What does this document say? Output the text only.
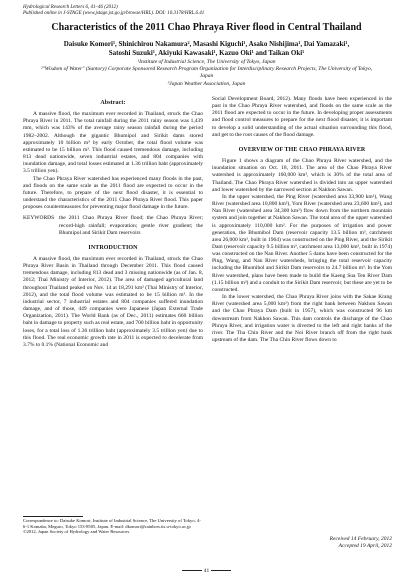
Hydrological Research Letters 6, 41–46 (2012)
Published online in J-STAGE (www.jstage.jst.go.jp/browse/HRL). DOI: 10.3178/HRL.6.41
Characteristics of the 2011 Chao Phraya River flood in Central Thailand
Daisuke Komori¹, Shinichirou Nakamura², Masashi Kiguchi¹, Asako Nishijima¹, Dai Yamazaki¹,
Satoshi Suzuki¹, Akiyuki Kawasaki¹, Kazuo Oki¹ and Taikan Oki¹
¹Institute of Industrial Science, The University of Tokyo, Japan
²"Wisdom of Water" (Suntory) Corporate Sponsored Research Program Organization for Interdisciplinary Research Projects, The University of Tokyo, Japan
³Japan Weather Association, Japan
Abstract:

A massive flood, the maximum ever recorded in Thailand, struck the Chao Phraya River in 2011. The total rainfall during the 2011 rainy season was 1,439 mm, which was 143% of the average rainy season rainfall during the period 1982–2002. Although the gigantic Bhumipol and Sirikit dams stored approximately 10 billion m³ by early October, the total flood volume was estimated to be 15 billion m³. This flood caused tremendous damage, including 813 dead nationwide, seven industrial estates, and 804 companies with inundation damage, and total losses estimated at 1.36 trillion baht (approximately 3.5 trillion yen).

The Chao Phraya River watershed has experienced many floods in the past, and floods on the same scale as the 2011 flood are expected to occur in the future. Therefore, to prepare of the next flood disaster, it is essential to understand the characteristics of the 2011 Chao Phraya River flood. This paper proposes countermeasures for preventing major flood damage in the future.

KEYWORDS the 2011 Chao Phraya River flood; the Chao Phraya River; record-high rainfall; evaporation; gentle river gradient; the Bhumipol and Sirikit Dam reservoirs
INTRODUCTION

A massive flood, the maximum ever recorded in Thailand, struck the Chao Phraya River Basin in Thailand through December 2011. This flood caused tremendous damage, including 813 dead and 3 missing nationwide (as of Jan. 8, 2012; Thai Ministry of Interior, 2012). The area of damaged agricultural land throughout Thailand peaked on Nov. 14 at 18,291 km² (Thai Ministry of Interior, 2012), and the total flood volume was estimated to be 15 billion m³. In the industrial sector, 7 industrial estates and 804 companies suffered inundation damage, and of those, 449 companies were Japanese (Japan External Trade Organization, 2011). The World Bank (as of Dec., 2011) estimates 660 billion baht in damage to property such as real estate, and 700 billion baht in opportunity loses, for a total loss of 1.36 trillion baht (approximately 3.5 trillion yen) due to this flood. The real economic growth rate in 2011 is expected to decelerate from 3.7% to 0.1% (National Economic and

Correspondence to: Daisuke Komori, Institute of Industrial Science, The University of Tokyo, 4-6-1 Komaba, Meguro, Tokyo 153-8505, Japan. E-mail: dkomori@rainbow.iis.u-tokyo.ac.jp ©2012, Japan Society of Hydrology and Water Resources.

Social Development Board, 2012). Many floods have been experienced in the past in the Chao Phraya River watershed, and floods on the same scale as the 2011 flood are expected to occur in the future. In developing proper assessments and flood control measures to prepare for the next flood disaster, it is important to develop a solid understanding of the actual situation surrounding this flood, and get to the root causes of the flood damage.

OVERVIEW OF THE CHAO PHRAYA RIVER

Figure 1 shows a diagram of the Chao Phraya River watershed, and the inundation situation on Oct. 18, 2011. The area of the Chao Phraya River watershed is approximately 160,000 km², which is 30% of the total area of Thailand. The Chao Phraya River watershed is divided into an upper watershed and lower watershed by the narrowed section at Nakhon Sawan.

In the upper watershed, the Ping River (watershed area 33,900 km²), Wang River (watershed area 10,800 km²), Yom River (watershed area 23,600 km²), and Nan River (watershed area 34,300 km²) flow down from the northern mountain system and join together at Nakhon Sawan. The total area of the upper watershed is approximately 110,000 km². For the purposes of irrigation and power generation, the Bhumibol Dam (reservoir capacity 13.5 billion m³, catchment area 26,000 km², built in 1964) was constructed on the Ping River, and the Sirikit Dam (reservoir capacity 9.5 billion m³, catchment area 13,000 km², built in 1974) was constructed on the Nan River. Another 5 dams have been constructed for the Ping, Wang, and Nan River watersheds, bringing the total reservoir capacity including the Bhumibol and Sirikit Dam reservoirs to 24.7 billion m³. In the Yom River watershed, plans have been made to build the Kaeng Sua Ten River Dam (1.15 billion m³) and a conduit to the Sirikit Dam reservoir, but these are yet to be constructed.

In the lower watershed, the Chao Phraya River joins with the Sakae Krang River (watershed area 5,000 km²) from the right bank between Nakhon Sawan and the Chao Phraya Dam (built in 1957), which was constructed 96 km downstream from Nakhon Sawan. This dam controls the discharge of the Chao Phraya River, and irrigation water is diverted to the left and right banks of the river. The Tha Chin River and the Noi River branch off from the right bank upstream of the dam. The Tha Chin River flows down to

Received 14 February, 2012
Accepted 19 April, 2012
41
